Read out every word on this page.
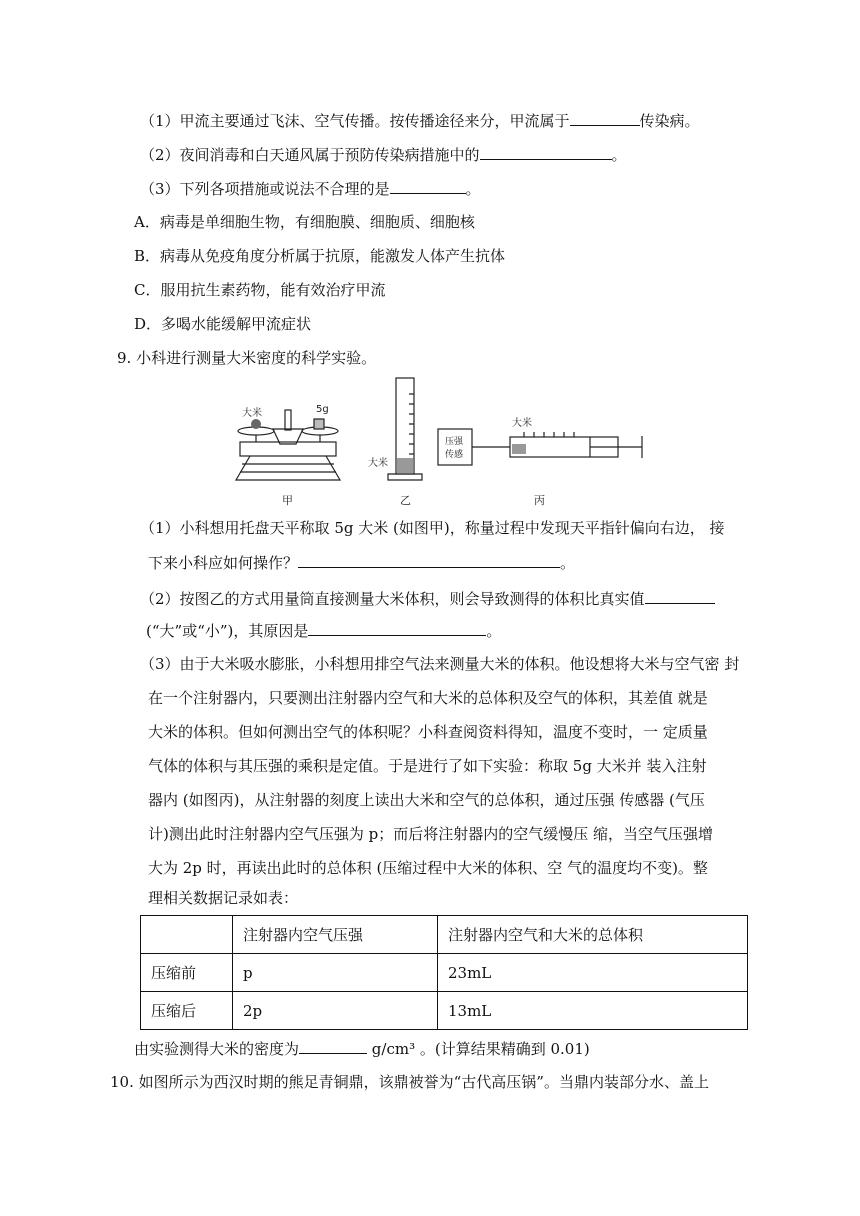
（1）甲流主要通过飞沫、空气传播。按传播途径来分，甲流属于	传染病。
（2）夜间消毒和白天通风属于预防传染病措施中的	。
（3）下列各项措施或说法不合理的是	。
A．病毒是单细胞生物，有细胞膜、细胞质、细胞核
B．病毒从免疫角度分析属于抗原，能激发人体产生抗体
C．服用抗生素药物，能有效治疗甲流
D．多喝水能缓解甲流症状
9. 小科进行测量大米密度的科学实验。
大米	5g
甲
大米
乙
压强
传感
大米
丙
（1）小科想用托盘天平称取 5g 大米 (如图甲)，称量过程中发现天平指针偏向右边， 接
下来小科应如何操作？	。
（2）按图乙的方式用量筒直接测量大米体积，则会导致测得的体积比真实值
(“大”或“小”)，其原因是	。
（3）由于大米吸水膨胀，小科想用排空气法来测量大米的体积。他设想将大米与空气密 封
在一个注射器内，只要测出注射器内空气和大米的总体积及空气的体积，其差值 就是
大米的体积。但如何测出空气的体积呢？小科查阅资料得知，温度不变时，一 定质量
气体的体积与其压强的乘积是定值。于是进行了如下实验：称取 5g 大米并 装入注射
器内 (如图丙)，从注射器的刻度上读出大米和空气的总体积，通过压强 传感器 (气压
计)测出此时注射器内空气压强为 p；而后将注射器内的空气缓慢压 缩，当空气压强增
大为 2p 时，再读出此时的总体积 (压缩过程中大米的体积、空 气的温度均不变)。整
理相关数据记录如表：
	注射器内空气压强	注射器内空气和大米的总体积
压缩前	p	23mL
压缩后	2p	13mL
由实验测得大米的密度为	g/cm³ 。(计算结果精确到 0.01)
10. 如图所示为西汉时期的熊足青铜鼎，该鼎被誉为“古代高压锅”。当鼎内装部分水、盖上
